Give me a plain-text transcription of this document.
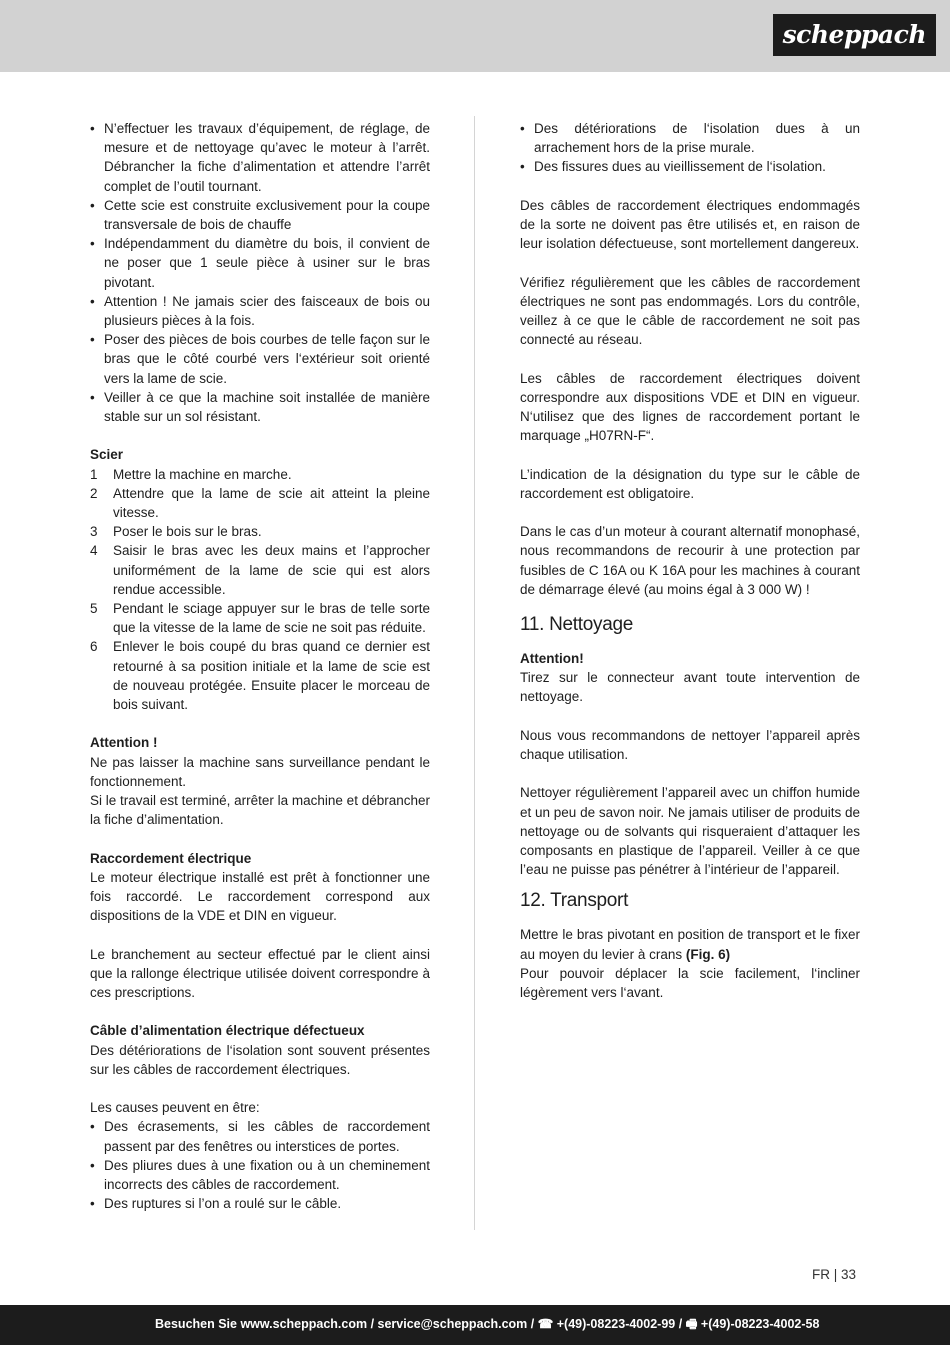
scheppach
• N’effectuer les travaux d’équipement, de réglage, de mesure et de nettoyage qu’avec le moteur à l’arrêt. Débrancher la fiche d’alimentation et attendre l’arrêt complet de l’outil tournant.
• Cette scie est construite exclusivement pour la coupe transversale de bois de chauffe
• Indépendamment du diamètre du bois, il convient de ne poser que 1 seule pièce à usiner sur le bras pivotant.
• Attention ! Ne jamais scier des faisceaux de bois ou plusieurs pièces à la fois.
• Poser des pièces de bois courbes de telle façon sur le bras que le côté courbé vers l‘extérieur soit orienté vers la lame de scie.
• Veiller à ce que la machine soit installée de manière stable sur un sol résistant.

Scier

1 Mettre la machine en marche.
2 Attendre que la lame de scie ait atteint la pleine vitesse.
3 Poser le bois sur le bras.
4 Saisir le bras avec les deux mains et l’approcher uniformément de la lame de scie qui est alors rendue accessible.
5 Pendant le sciage appuyer sur le bras de telle sorte que la vitesse de la lame de scie ne soit pas réduite.
6 Enlever le bois coupé du bras quand ce dernier est retourné à sa position initiale et la lame de scie est de nouveau protégée. Ensuite placer le morceau de bois suivant.

Attention !

Ne pas laisser la machine sans surveillance pendant le fonctionnement.

Si le travail est terminé, arrêter la machine et débrancher la fiche d’alimentation.

Raccordement électrique

Le moteur électrique installé est prêt à fonctionner une fois raccordé. Le raccordement correspond aux dispositions de la VDE et DIN en vigueur.

Le branchement au secteur effectué par le client ainsi que la rallonge électrique utilisée doivent correspondre à ces prescriptions.

Câble d’alimentation électrique défectueux

Des détériorations de l‘isolation sont souvent présentes sur les câbles de raccordement électriques.

Les causes peuvent en être:

• Des écrasements, si les câbles de raccordement passent par des fenêtres ou interstices de portes.
• Des pliures dues à une fixation ou à un cheminement incorrects des câbles de raccordement.
• Des ruptures si l’on a roulé sur le câble.
• Des détériorations de l‘isolation dues à un arrachement hors de la prise murale.
• Des fissures dues au vieillissement de l‘isolation.

Des câbles de raccordement électriques endommagés de la sorte ne doivent pas être utilisés et, en raison de leur isolation défectueuse, sont mortellement dangereux.

Vérifiez régulièrement que les câbles de raccordement électriques ne sont pas endommagés. Lors du contrôle, veillez à ce que le câble de raccordement ne soit pas connecté au réseau.

Les câbles de raccordement électriques doivent correspondre aux dispositions VDE et DIN en vigueur. N‘utilisez que des lignes de raccordement portant le marquage „H07RN-F“.

L’indication de la désignation du type sur le câble de raccordement est obligatoire.

Dans le cas d’un moteur à courant alternatif monophasé, nous recommandons de recourir à une protection par fusibles de C 16A ou K 16A pour les machines à courant de démarrage élevé (au moins égal à 3 000 W) !

11. Nettoyage

Attention!

Tirez sur le connecteur avant toute intervention de nettoyage.

Nous vous recommandons de nettoyer l’appareil après chaque utilisation.

Nettoyer régulièrement l’appareil avec un chiffon humide et un peu de savon noir. Ne jamais utiliser de produits de nettoyage ou de solvants qui risqueraient d’attaquer les composants en plastique de l’appareil. Veiller à ce que l’eau ne puisse pas pénétrer à l’intérieur de l’appareil.

12. Transport

Mettre le bras pivotant en position de transport et le fixer au moyen du levier à crans (Fig. 6)

Pour pouvoir déplacer la scie facilement, l‘incliner légèrement vers l‘avant.

FR | 33
Besuchen Sie www.scheppach.com / service@scheppach.com / ☎ +(49)-08223-4002-99 / 🖷 +(49)-08223-4002-58
